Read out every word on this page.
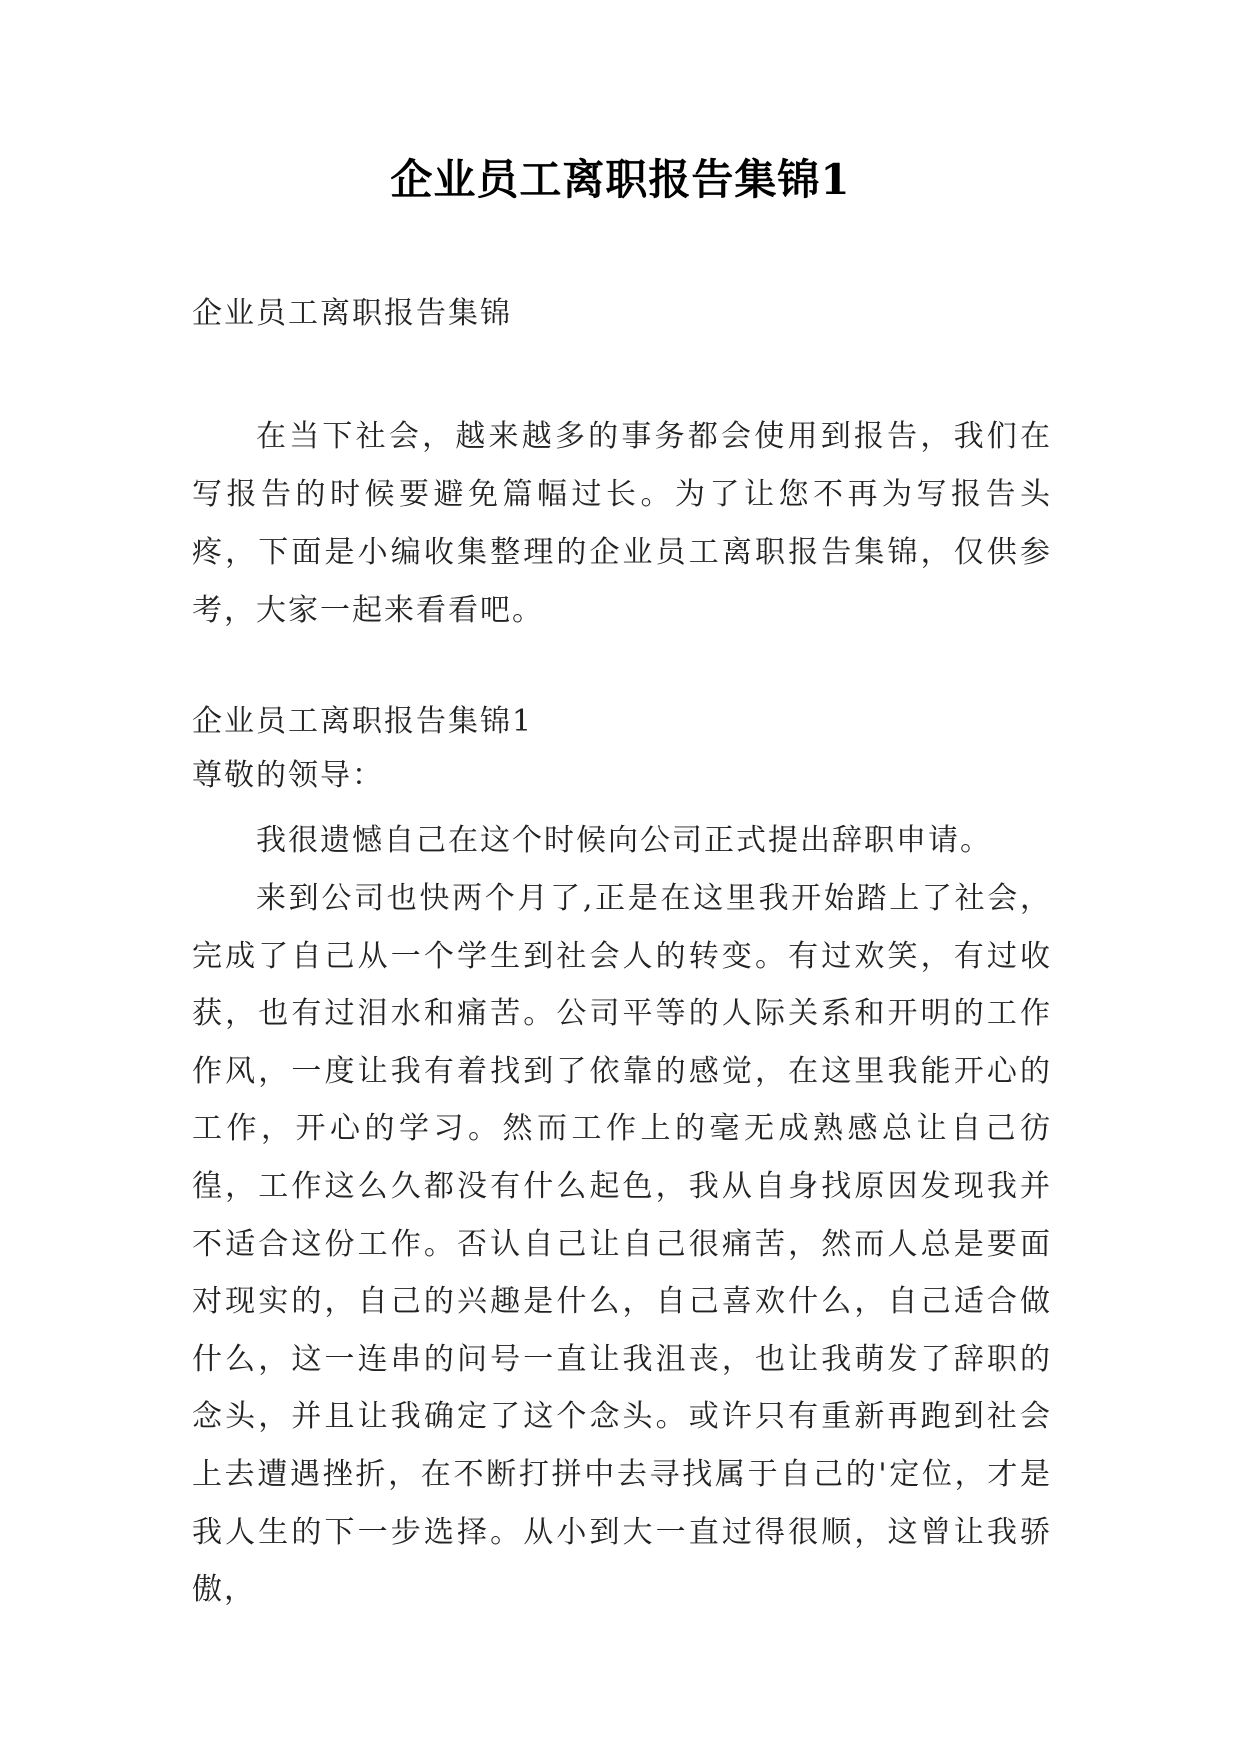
企业员工离职报告集锦1
企业员工离职报告集锦

在当下社会，越来越多的事务都会使用到报告，我们在写报告的时候要避免篇幅过长。为了让您不再为写报告头疼，下面是小编收集整理的企业员工离职报告集锦，仅供参考，大家一起来看看吧。

企业员工离职报告集锦1
尊敬的领导：

我很遗憾自己在这个时候向公司正式提出辞职申请。

来到公司也快两个月了,正是在这里我开始踏上了社会，完成了自己从一个学生到社会人的转变。有过欢笑，有过收获，也有过泪水和痛苦。公司平等的人际关系和开明的工作作风，一度让我有着找到了依靠的感觉，在这里我能开心的工作，开心的学习。然而工作上的毫无成熟感总让自己彷徨，工作这么久都没有什么起色，我从自身找原因发现我并不适合这份工作。否认自己让自己很痛苦，然而人总是要面对现实的，自己的兴趣是什么，自己喜欢什么，自己适合做什么，这一连串的问号一直让我沮丧，也让我萌发了辞职的念头，并且让我确定了这个念头。或许只有重新再跑到社会上去遭遇挫折，在不断打拼中去寻找属于自己的'定位，才是我人生的下一步选择。从小到大一直过得很顺，这曾让我骄傲，
